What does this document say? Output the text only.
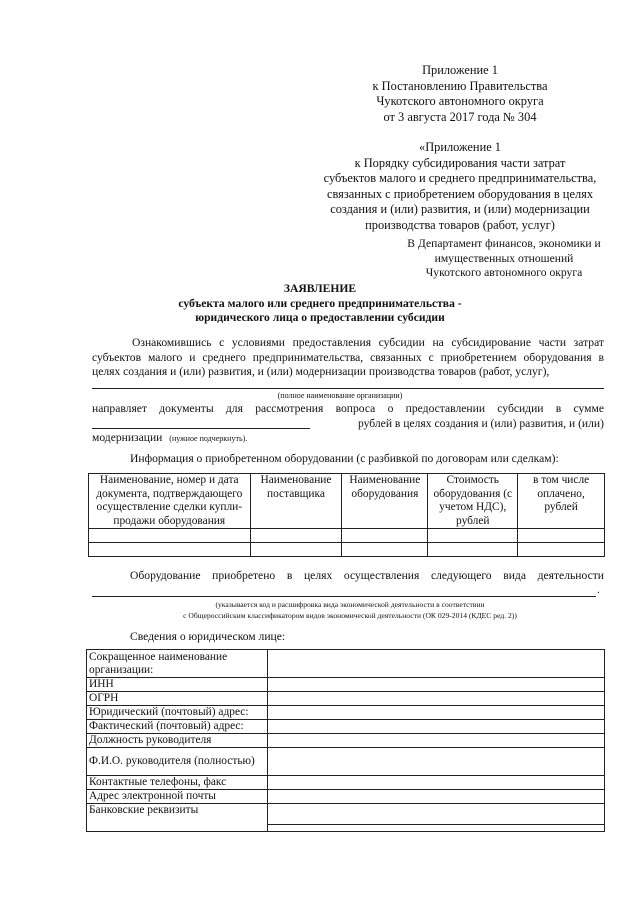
Приложение 1
к Постановлению Правительства
Чукотского автономного округа
от 3 августа 2017 года № 304
«Приложение 1
к Порядку субсидирования части затрат
субъектов малого и среднего предпринимательства,
связанных с приобретением оборудования в целях
создания и (или) развития, и (или) модернизации
производства товаров (работ, услуг)
В Департамент финансов, экономики и
имущественных отношений
Чукотского автономного округа
ЗАЯВЛЕНИЕ
субъекта малого или среднего предпринимательства -
юридического лица о предоставлении субсидии
Ознакомившись с условиями предоставления субсидии на субсидирование части затрат
субъектов малого и среднего предпринимательства, связанных с приобретением оборудования в
целях создания и (или) развития, и (или) модернизации производства товаров (работ, услуг),
(полное наименование организации)
направляет документы для рассмотрения вопроса о предоставлении субсидии в сумме
рублей в целях создания и (или) развития, и (или)
модернизации (нужное подчеркнуть).
Информация о приобретенном оборудовании (с разбивкой по договорам или сделкам):
Наименование, номер и дата документа, подтверждающего осуществление сделки купли-продажи оборудования	Наименование поставщика	Наименование оборудования	Стоимость оборудования (с учетом НДС), рублей	в том числе оплачено, рублей

Оборудование приобретено в целях осуществления следующего вида деятельности
.
(указывается код и расшифровка вида экономической деятельности в соответствии
с Общероссийским классификатором видов экономической деятельности (ОК 029-2014 (КДЕС ред. 2))
Сведения о юридическом лице:
Сокращенное наименование организации:	
ИНН	
ОГРН	
Юридический (почтовый) адрес:	
Фактический (почтовый) адрес:	
Должность руководителя	
Ф.И.О. руководителя (полностью)	
Контактные телефоны, факс	
Адрес электронной почты	
Банковские реквизиты	
